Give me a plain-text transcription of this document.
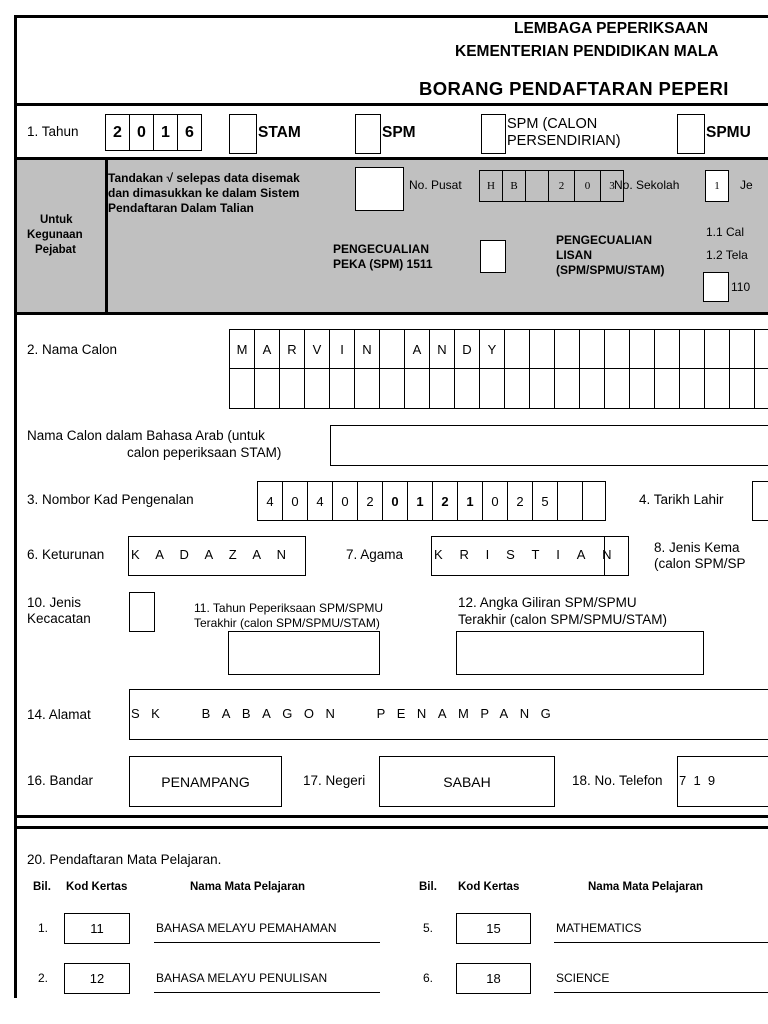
LEMBAGA PEPERIKSAAN
KEMENTERIAN PENDIDIKAN MALA
BORANG PENDAFTARAN PEPERI
1. Tahun	2 0 1 6	STAM	SPM	SPM (CALON
PERSENDIRIAN)	SPMU
Untuk
Kegunaan
Pejabat
Tandakan √ selepas data disemak
dan dimasukkan ke dalam Sistem
Pendaftaran Dalam Talian
No. Pusat	H	B	2	0	3 No. Sekolah	1	Je
PENGECUALIAN
PEKA (SPM) 1511
PENGECUALIAN
LISAN
(SPM/SPMU/STAM)
1.1 Cal
1.2 Tela
110
2. Nama Calon	M	A	R	V	I	N	A	N	D	Y
Nama Calon dalam Bahasa Arab (untuk
calon peperiksaan STAM)
3. Nombor Kad Pengenalan	4	0	4	0	2	0	1	2	1	0	2	5	4. Tarikh Lahir
6. Keturunan KADAZAN	7. Agama KRISTIAN 8. Jenis Kema
(calon SPM/SP
10. Jenis
Kecacatan
11. Tahun Peperiksaan SPM/SPMU
Terakhir (calon SPM/SPMU/STAM)
12. Angka Giliran SPM/SPMU
Terakhir (calon SPM/SPMU/STAM)
14. Alamat	SK  BABAGON  PENAMPANG
16. Bandar	PENAMPANG	17. Negeri	SABAH	18. No. Telefon 7  1  9
20. Pendaftaran Mata Pelajaran.
Bil. Kod Kertas	Nama Mata Pelajaran	Bil. Kod Kertas	Nama Mata Pelajaran
1.	11	BAHASA MELAYU PEMAHAMAN	5.	15	MATHEMATICS
2.	12	BAHASA MELAYU PENULISAN	6.	18	SCIENCE
